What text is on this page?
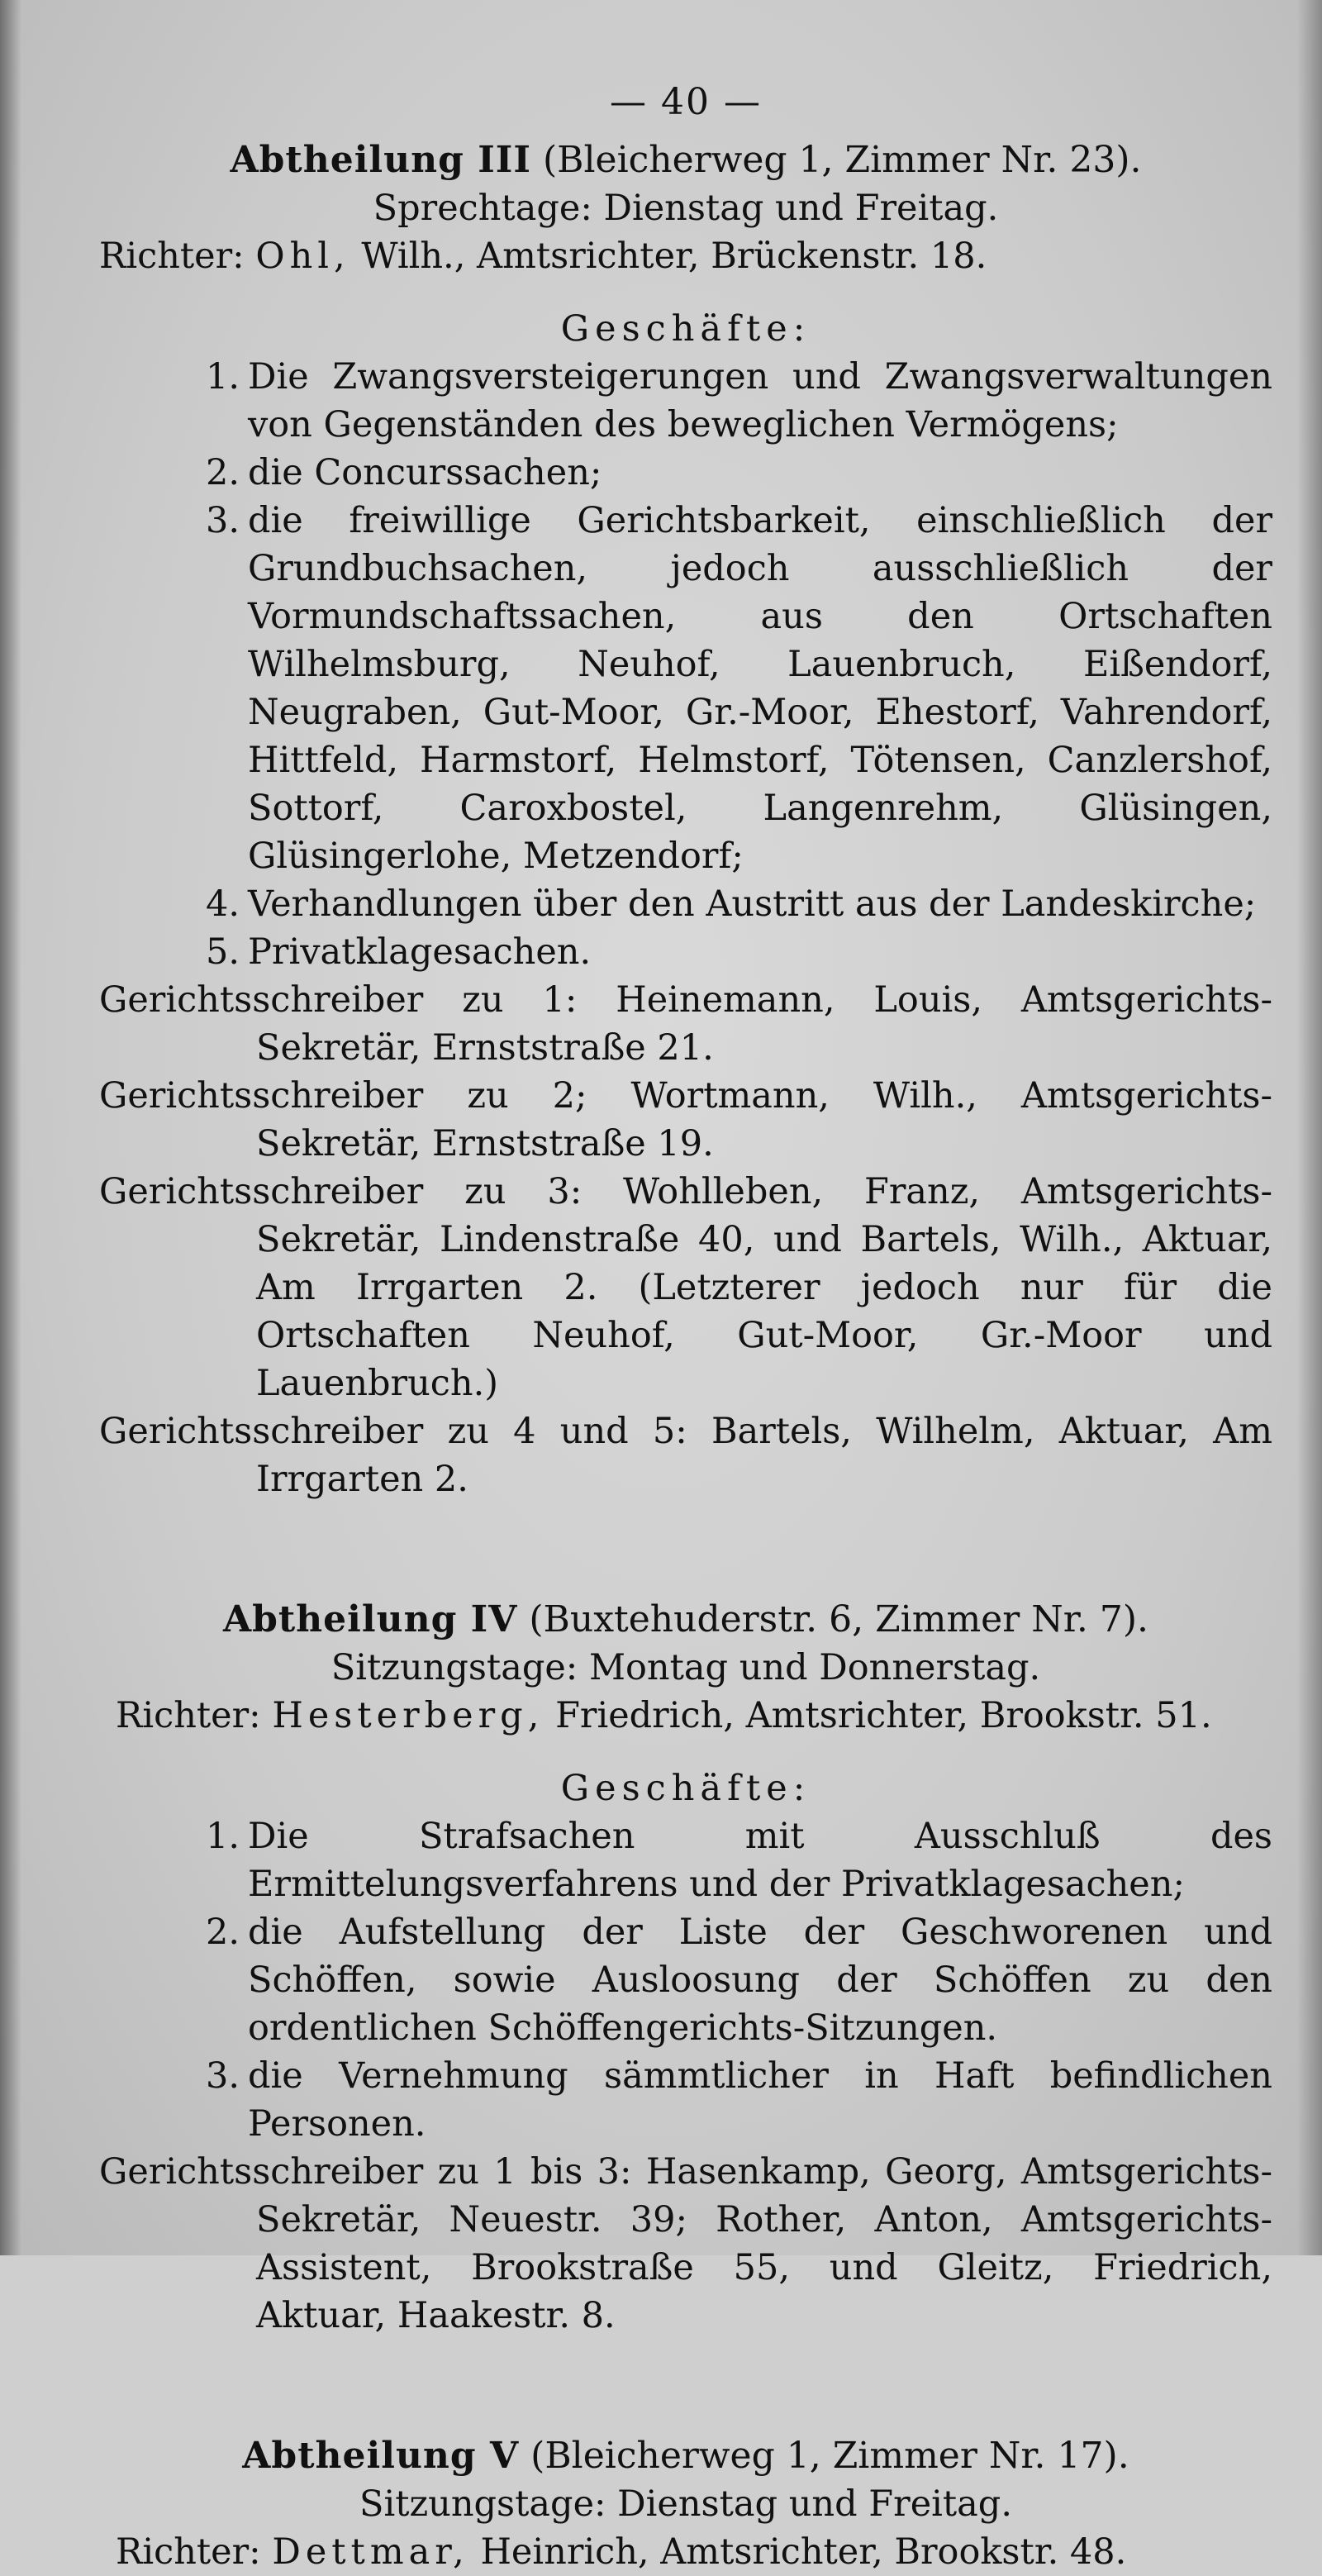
— 40 —
Abtheilung III (Bleicherweg 1, Zimmer Nr. 23).
Sprechtage: Dienstag und Freitag.
Richter: Ohl, Wilh., Amtsrichter, Brückenstr. 18.
Geschäfte:
1. Die Zwangsversteigerungen und Zwangsverwaltungen von Gegenständen des beweglichen Vermögens;
2. die Concurssachen;
3. die freiwillige Gerichtsbarkeit, einschließlich der Grundbuchsachen, jedoch ausschließlich der Vormundschaftssachen, aus den Ortschaften Wilhelmsburg, Neuhof, Lauenbruch, Eißendorf, Neugraben, Gut-Moor, Gr.-Moor, Ehestorf, Vahrendorf, Hittfeld, Harmstorf, Helmstorf, Tötensen, Canzlershof, Sottorf, Caroxbostel, Langenrehm, Glüsingen, Glüsingerlohe, Metzendorf;
4. Verhandlungen über den Austritt aus der Landeskirche;
5. Privatklagesachen.
Gerichtsschreiber zu 1: Heinemann, Louis, Amtsgerichts-Sekretär, Ernststraße 21.
Gerichtsschreiber zu 2; Wortmann, Wilh., Amtsgerichts-Sekretär, Ernststraße 19.
Gerichtsschreiber zu 3: Wohlleben, Franz, Amtsgerichts-Sekretär, Lindenstraße 40, und Bartels, Wilh., Aktuar, Am Irrgarten 2. (Letzterer jedoch nur für die Ortschaften Neuhof, Gut-Moor, Gr.-Moor und Lauenbruch.)
Gerichtsschreiber zu 4 und 5: Bartels, Wilhelm, Aktuar, Am Irrgarten 2.
Abtheilung IV (Buxtehuderstr. 6, Zimmer Nr. 7).
Sitzungstage: Montag und Donnerstag.
Richter: Hesterberg, Friedrich, Amtsrichter, Brookstr. 51.
Geschäfte:
1. Die Strafsachen mit Ausschluß des Ermittelungsverfahrens und der Privatklagesachen;
2. die Aufstellung der Liste der Geschworenen und Schöffen, sowie Ausloosung der Schöffen zu den ordentlichen Schöffengerichts-Sitzungen.
3. die Vernehmung sämmtlicher in Haft befindlichen Personen.
Gerichtsschreiber zu 1 bis 3: Hasenkamp, Georg, Amtsgerichts-Sekretär, Neuestr. 39; Rother, Anton, Amtsgerichts-Assistent, Brookstraße 55, und Gleitz, Friedrich, Aktuar, Haakestr. 8.
Abtheilung V (Bleicherweg 1, Zimmer Nr. 17).
Sitzungstage: Dienstag und Freitag.
Richter: Dettmar, Heinrich, Amtsrichter, Brookstr. 48.
